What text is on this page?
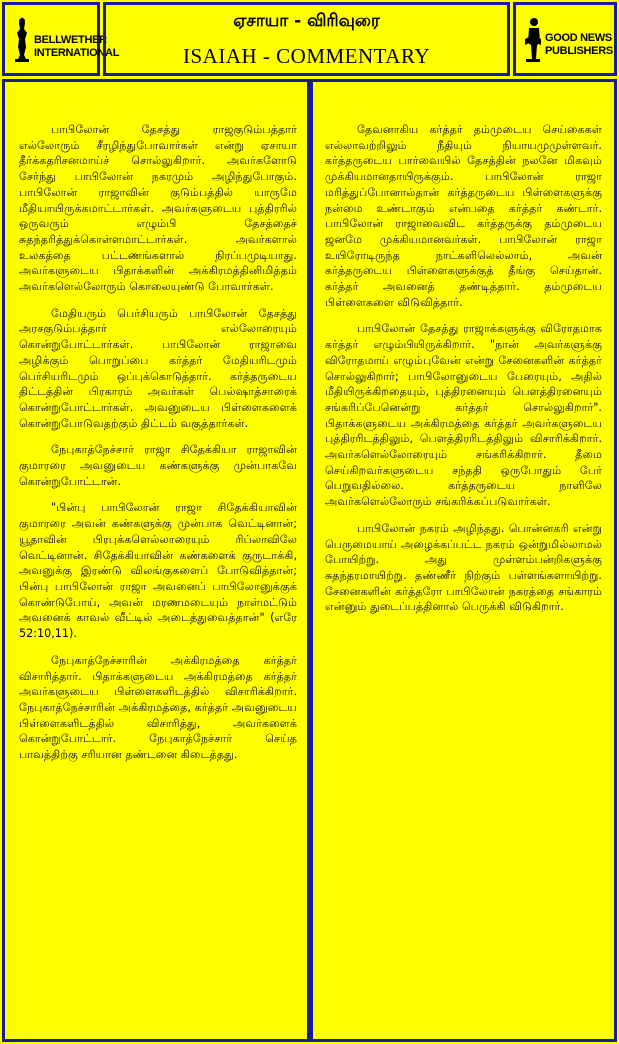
BELLWETHER
INTERNATIONAL
ஏசாயா - விரிவுரை
ISAIAH - COMMENTARY
GOOD NEWS
PUBLISHERS

பாபிலோன் தேசத்து ராஜகுடும்பத்தார் எல்லோரும் சீரழிந்துபோவார்கள் என்று ஏசாயா தீர்க்கதரிசனமாய்ச் சொல்லுகிறார். அவர்களோடு சேர்ந்து பாபிலோன் நகரமும் அழிந்துபோகும். பாபிலோன் ராஜாவின் குடும்பத்தில் யாருமே மீதியாயிருக்கமாட்டார்கள். அவர்களுடைய புத்திரரில் ஒருவரும் எழும்பி தேசத்தைச் சுதந்தரித்துக்கொள்ளமாட்டார்கள். அவர்களால் உலகத்தை பட்டணங்களால் நிரப்பமுடியாது. அவர்களுடைய பிதாக்களின் அக்கிரமத்தினிமித்தம் அவர்களெல்லோரும் கொலையுண்டு போவார்கள்.

மேதியரும் பெர்சியரும் பாபிலோன் தேசத்து அரசகுடும்பத்தார் எல்லோரையும் கொன்றுபோட்டார்கள். பாபிலோன் ராஜாவை அழிக்கும் பொறுப்பை கர்த்தர் மேதியரிடமும் பெர்சியரிடமும் ஒப்புக்கொடுத்தார். கர்த்தருடைய திட்டத்தின் பிரகாரம் அவர்கள் பெல்ஷாத்சாரைக் கொன்றுபோட்டார்கள். அவனுடைய பிள்ளைகளைக் கொன்றுபோடுவதற்கும் திட்டம் வகுத்தார்கள்.

நேபுகாத்நேச்சார் ராஜா சிதேக்கியா ராஜாவின் குமாரரை அவனுடைய கண்களுக்கு முன்பாகவே கொன்றுபோட்டான்.

"பின்பு பாபிலோன் ராஜா சிதேக்கியாவின் குமாரரை அவன் கண்களுக்கு முன்பாக வெட்டினான்; யூதாவின் பிரபுக்களெல்லாரையும் ரிப்லாவிலே வெட்டினான். சிதேக்கியாவின் கண்களைக் குருடாக்கி, அவனுக்கு இரண்டு விலங்குகளைப் போடுவித்தான்; பின்பு பாபிலோன் ராஜா அவனைப் பாபிலோனுக்குக் கொண்டுபோய், அவன் மரணமடையும் நாள்மட்டும் அவனைக் காவல் வீட்டில் அடைத்துவைத்தான்" (எரே 52:10,11).

நேபுகாத்நேச்சாரின் அக்கிரமத்தை கர்த்தர் விசாரித்தார். பிதாக்களுடைய அக்கிரமத்தை கர்த்தர் அவர்களுடைய பிள்ளைகளிடத்தில் விசாரிக்கிறார். நேபுகாத்நேச்சாரின் அக்கிரமத்தை, கர்த்தர் அவனுடைய பிள்ளைகளிடத்தில் விசாரித்து, அவர்களைக் கொன்றுபோட்டார். நேபுகாத்நேச்சார் செய்த பாவத்திற்கு சரியான தண்டனை கிடைத்தது.

தேவனாகிய கர்த்தர் தம்முடைய செய்கைகள் எல்லாவற்றிலும் நீதியும் நியாயமுமுள்ளவர். கர்த்தருடைய பார்வையில் தேசத்தின் நலனே மிகவும் முக்கியமானதாயிருக்கும். பாபிலோன் ராஜா மரித்துப்போனால்தான் கர்த்தருடைய பிள்ளைகளுக்கு நன்மை உண்டாகும் என்பதை கர்த்தர் கண்டார். பாபிலோன் ராஜாவைவிட கர்த்தருக்கு தம்முடைய ஜனமே முக்கியமானவர்கள். பாபிலோன் ராஜா உயிரோடிருந்த நாட்களிலெல்லாம், அவன் கர்த்தருடைய பிள்ளைகளுக்குத் தீங்கு செய்தான். கர்த்தர் அவனைத் தண்டித்தார். தம்முடைய பிள்ளைகளை விடுவித்தார்.

பாபிலோன் தேசத்து ராஜாக்களுக்கு விரோதமாக கர்த்தர் எழும்பியிருக்கிறார். "நான் அவர்களுக்கு விரோதமாய் எழும்புவேன் என்று சேனைகளின் கர்த்தர் சொல்லுகிறார்; பாபிலோனுடைய பேரையும், அதில் மீதியிருக்கிறதையும், புத்திரனையும் பௌத்திரனையும் சங்கரிப்பேனென்று கர்த்தர் சொல்லுகிறார்". பிதாக்களுடைய அக்கிரமத்தை கர்த்தர் அவர்களுடைய புத்திரரிடத்திலும், பௌத்திரரிடத்திலும் விசாரிக்கிறார். அவர்களெல்லோரையும் சங்கரிக்கிறார். தீமை செய்கிறவர்களுடைய சந்ததி ஒருபோதும் பேர் பெறுவதில்லை. கர்த்தருடைய நாளிலே அவர்களெல்லோரும் சங்கரிக்கப்படுவார்கள்.

பாபிலோன் நகரம் அழிந்தது. பொன்னகரி என்று பெருமையாய் அழைக்கப்பட்ட நகரம் ஒன்றுமில்லாமல் போயிற்று. அது முள்ளம்பன்றிகளுக்கு சுதந்தரமாயிற்று. தண்ணீர் நிற்கும் பள்ளங்களாயிற்று. சேனைகளின் கர்த்தரோ பாபிலோன் நகரத்தை சங்காரம் என்னும் துடைப்பத்தினால் பெருக்கி விடுகிறார்.
